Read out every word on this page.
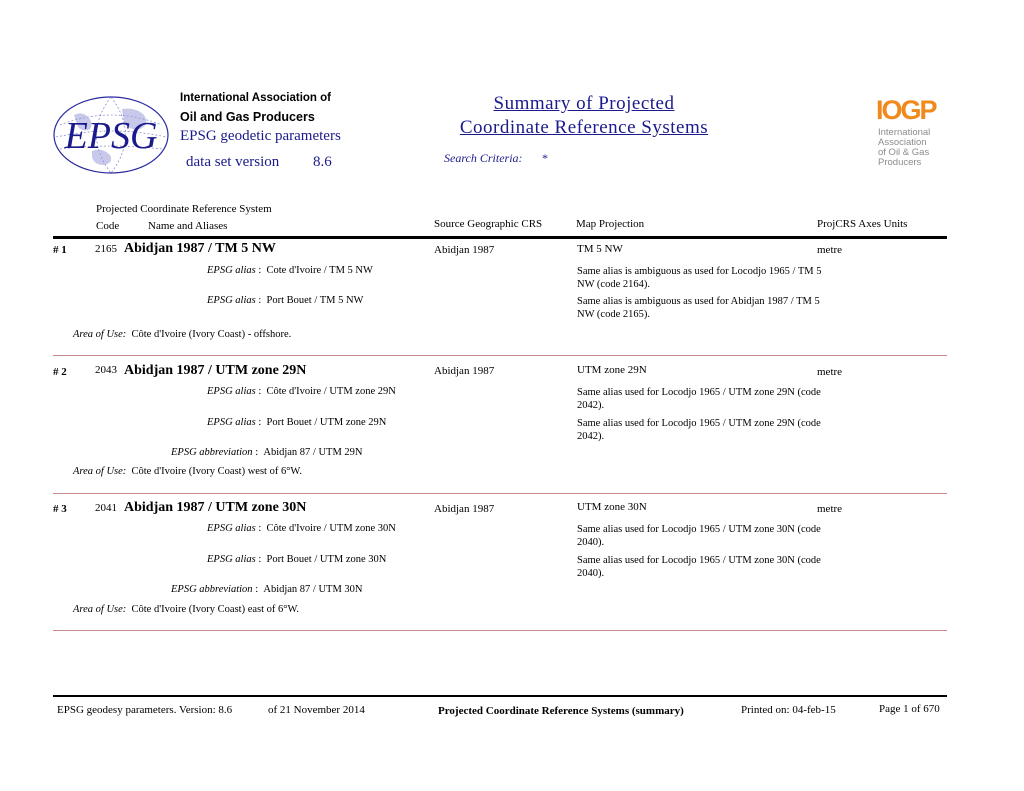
EPSG
International Association of
Oil and Gas Producers
EPSG geodetic parameters
data set version 8.6
Summary of Projected
Coordinate Reference Systems
Search Criteria: *
IOGP
International
Association
of Oil & Gas
Producers
Projected Coordinate Reference System
Code	Name and Aliases	Source Geographic CRS	Map Projection	ProjCRS Axes Units
# 1	2165 Abidjan 1987 / TM 5 NW	Abidjan 1987	TM 5 NW	metre
EPSG alias :  Cote d'Ivoire / TM 5 NW	Same alias is ambiguous as used for Locodjo 1965 / TM 5 NW (code 2164).
EPSG alias :  Port Bouet / TM 5 NW	Same alias is ambiguous as used for Abidjan 1987 / TM 5 NW (code 2165).
Area of Use: Côte d'Ivoire (Ivory Coast) - offshore.
# 2	2043 Abidjan 1987 / UTM zone 29N	Abidjan 1987	UTM zone 29N	metre
EPSG alias :  Côte d'Ivoire / UTM zone 29N	Same alias used for Locodjo 1965 / UTM zone 29N (code 2042).
EPSG alias :  Port Bouet / UTM zone 29N	Same alias used for Locodjo 1965 / UTM zone 29N (code 2042).
EPSG abbreviation :  Abidjan 87 / UTM 29N
Area of Use: Côte d'Ivoire (Ivory Coast) west of 6°W.
# 3	2041 Abidjan 1987 / UTM zone 30N	Abidjan 1987	UTM zone 30N	metre
EPSG alias :  Côte d'Ivoire / UTM zone 30N	Same alias used for Locodjo 1965 / UTM zone 30N (code 2040).
EPSG alias :  Port Bouet / UTM zone 30N	Same alias used for Locodjo 1965 / UTM zone 30N (code 2040).
EPSG abbreviation :  Abidjan 87 / UTM 30N
Area of Use: Côte d'Ivoire (Ivory Coast) east of 6°W.
EPSG geodesy parameters. Version: 8.6	of 21 November 2014	Projected Coordinate Reference Systems (summary)	Printed on: 04-feb-15	Page 1 of 670
